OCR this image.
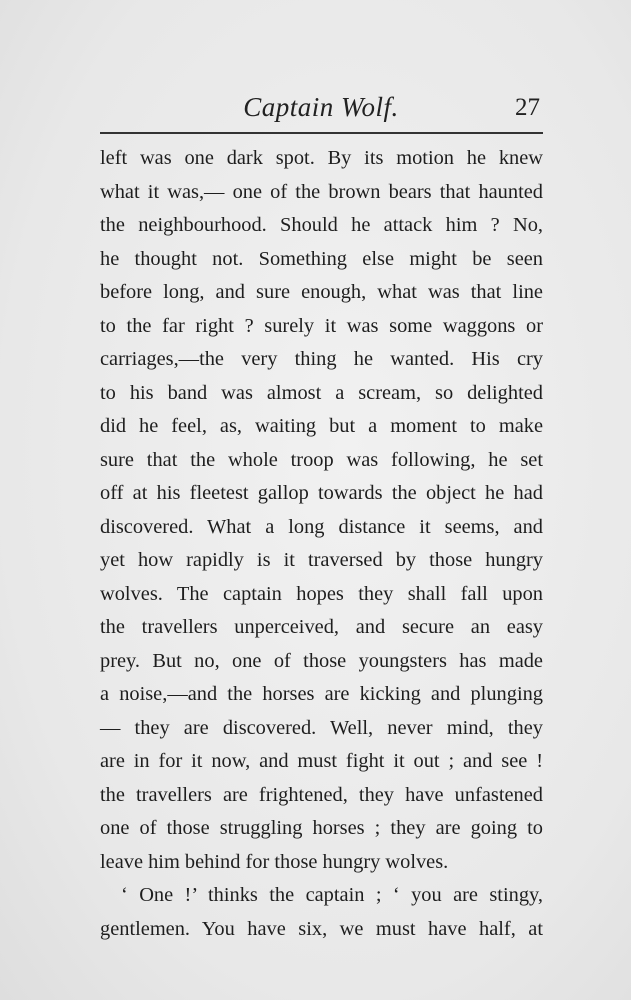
Captain Wolf.	27
left was one dark spot. By its motion he knew
what it was,— one of the brown bears that haunted
the neighbourhood. Should he attack him ? No,
he thought not. Something else might be seen
before long, and sure enough, what was that line
to the far right ? surely it was some waggons or
carriages,—the very thing he wanted. His cry
to his band was almost a scream, so delighted
did he feel, as, waiting but a moment to make
sure that the whole troop was following, he set
off at his fleetest gallop towards the object he had
discovered. What a long distance it seems, and
yet how rapidly is it traversed by those hungry
wolves. The captain hopes they shall fall upon
the travellers unperceived, and secure an easy
prey. But no, one of those youngsters has made
a noise,—and the horses are kicking and plunging
— they are discovered. Well, never mind, they
are in for it now, and must fight it out ; and see !
the travellers are frightened, they have unfastened
one of those struggling horses ; they are going to
leave him behind for those hungry wolves.
‘ One !’ thinks the captain ; ‘ you are stingy,
gentlemen. You have six, we must have half, at
